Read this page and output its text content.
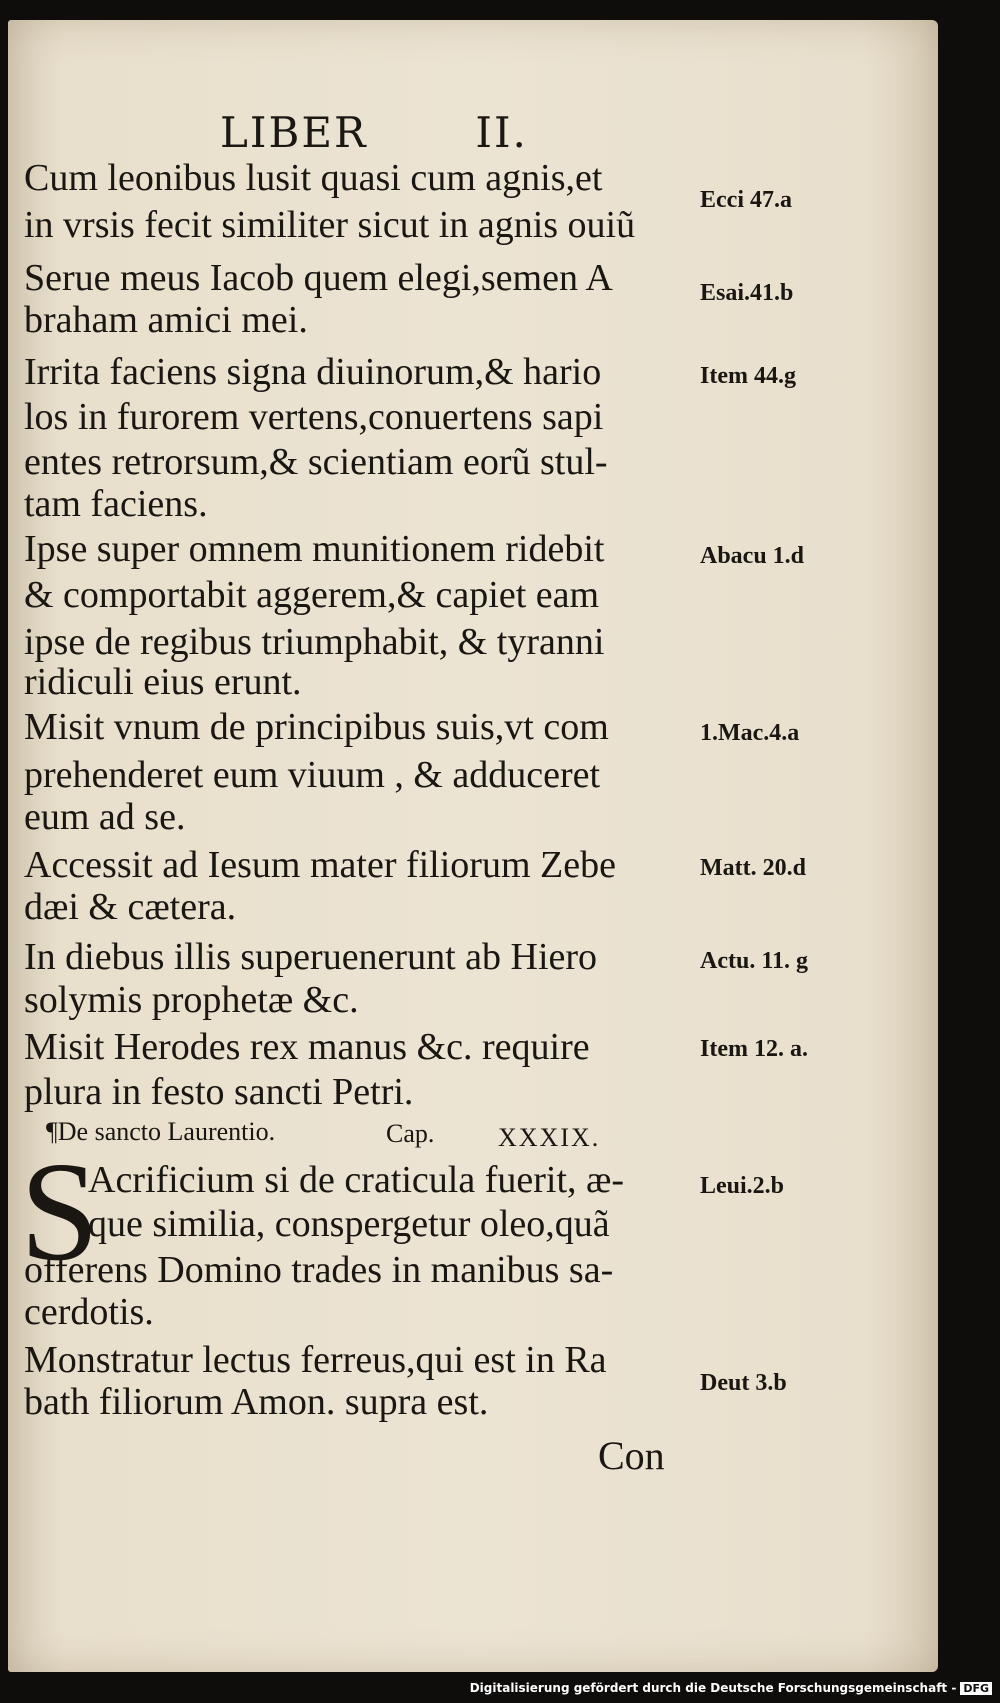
LIBER	II.
Cum leonibus lusit quasi cum agnis,et
in vrsis fecit similiter sicut in agnis ouiũ
Serue meus Iacob quem elegi,semen A
braham amici mei.
Irrita faciens signa diuinorum,& hario
los in furorem vertens,conuertens sapi
entes retrorsum,& scientiam eorũ stul-
tam faciens.
Ipse super omnem munitionem ridebit
& comportabit aggerem,& capiet eam
ipse de regibus triumphabit, & tyranni
ridiculi eius erunt.
Misit vnum de principibus suis,vt com
prehenderet eum viuum , & adduceret
eum ad se.
Accessit ad Iesum mater filiorum Zebe
dæi & cætera.
In diebus illis superuenerunt ab Hiero
solymis prophetæ &c.
Misit Herodes rex manus &c. require
plura in festo sancti Petri.
¶De sancto Laurentio.	Cap. XXXIX.
S
Acrificium si de craticula fuerit, æ-
que similia, conspergetur oleo,quã
offerens Domino trades in manibus sa-
cerdotis.
Monstratur lectus ferreus,qui est in Ra
bath filiorum Amon. supra est.
Ecci 47.a
Esai.41.b
Item 44.g
Abacu 1.d
1.Mac.4.a
Matt. 20.d
Actu. 11. g
Item 12. a.
Leui.2.b
Deut 3.b
Con
Digitalisierung gefördert durch die Deutsche Forschungsgemeinschaft - DFG
